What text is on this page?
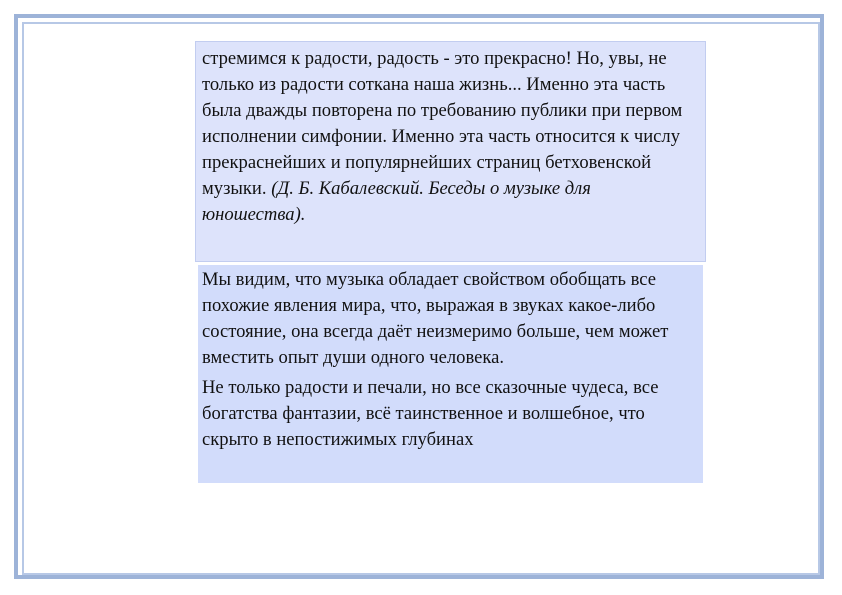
стремимся к радости, радость - это прекрасно! Но, увы, не только из радости соткана наша жизнь... Именно эта часть была дважды повторена по требованию публики при первом исполнении симфонии. Именно эта часть относится к числу прекраснейших и популярнейших страниц бетховенской музыки. (Д. Б. Кабалевский. Беседы о музыке для юношества).

Мы видим, что музыка обладает свойством обобщать все похожие явления мира, что, выражая в звуках какое-либо состояние, она всегда даёт неизмеримо больше, чем может вместить опыт души одного человека.

Не только радости и печали, но все сказочные чудеса, все богатства фантазии, всё таинственное и волшебное, что скрыто в непостижимых глубинах
